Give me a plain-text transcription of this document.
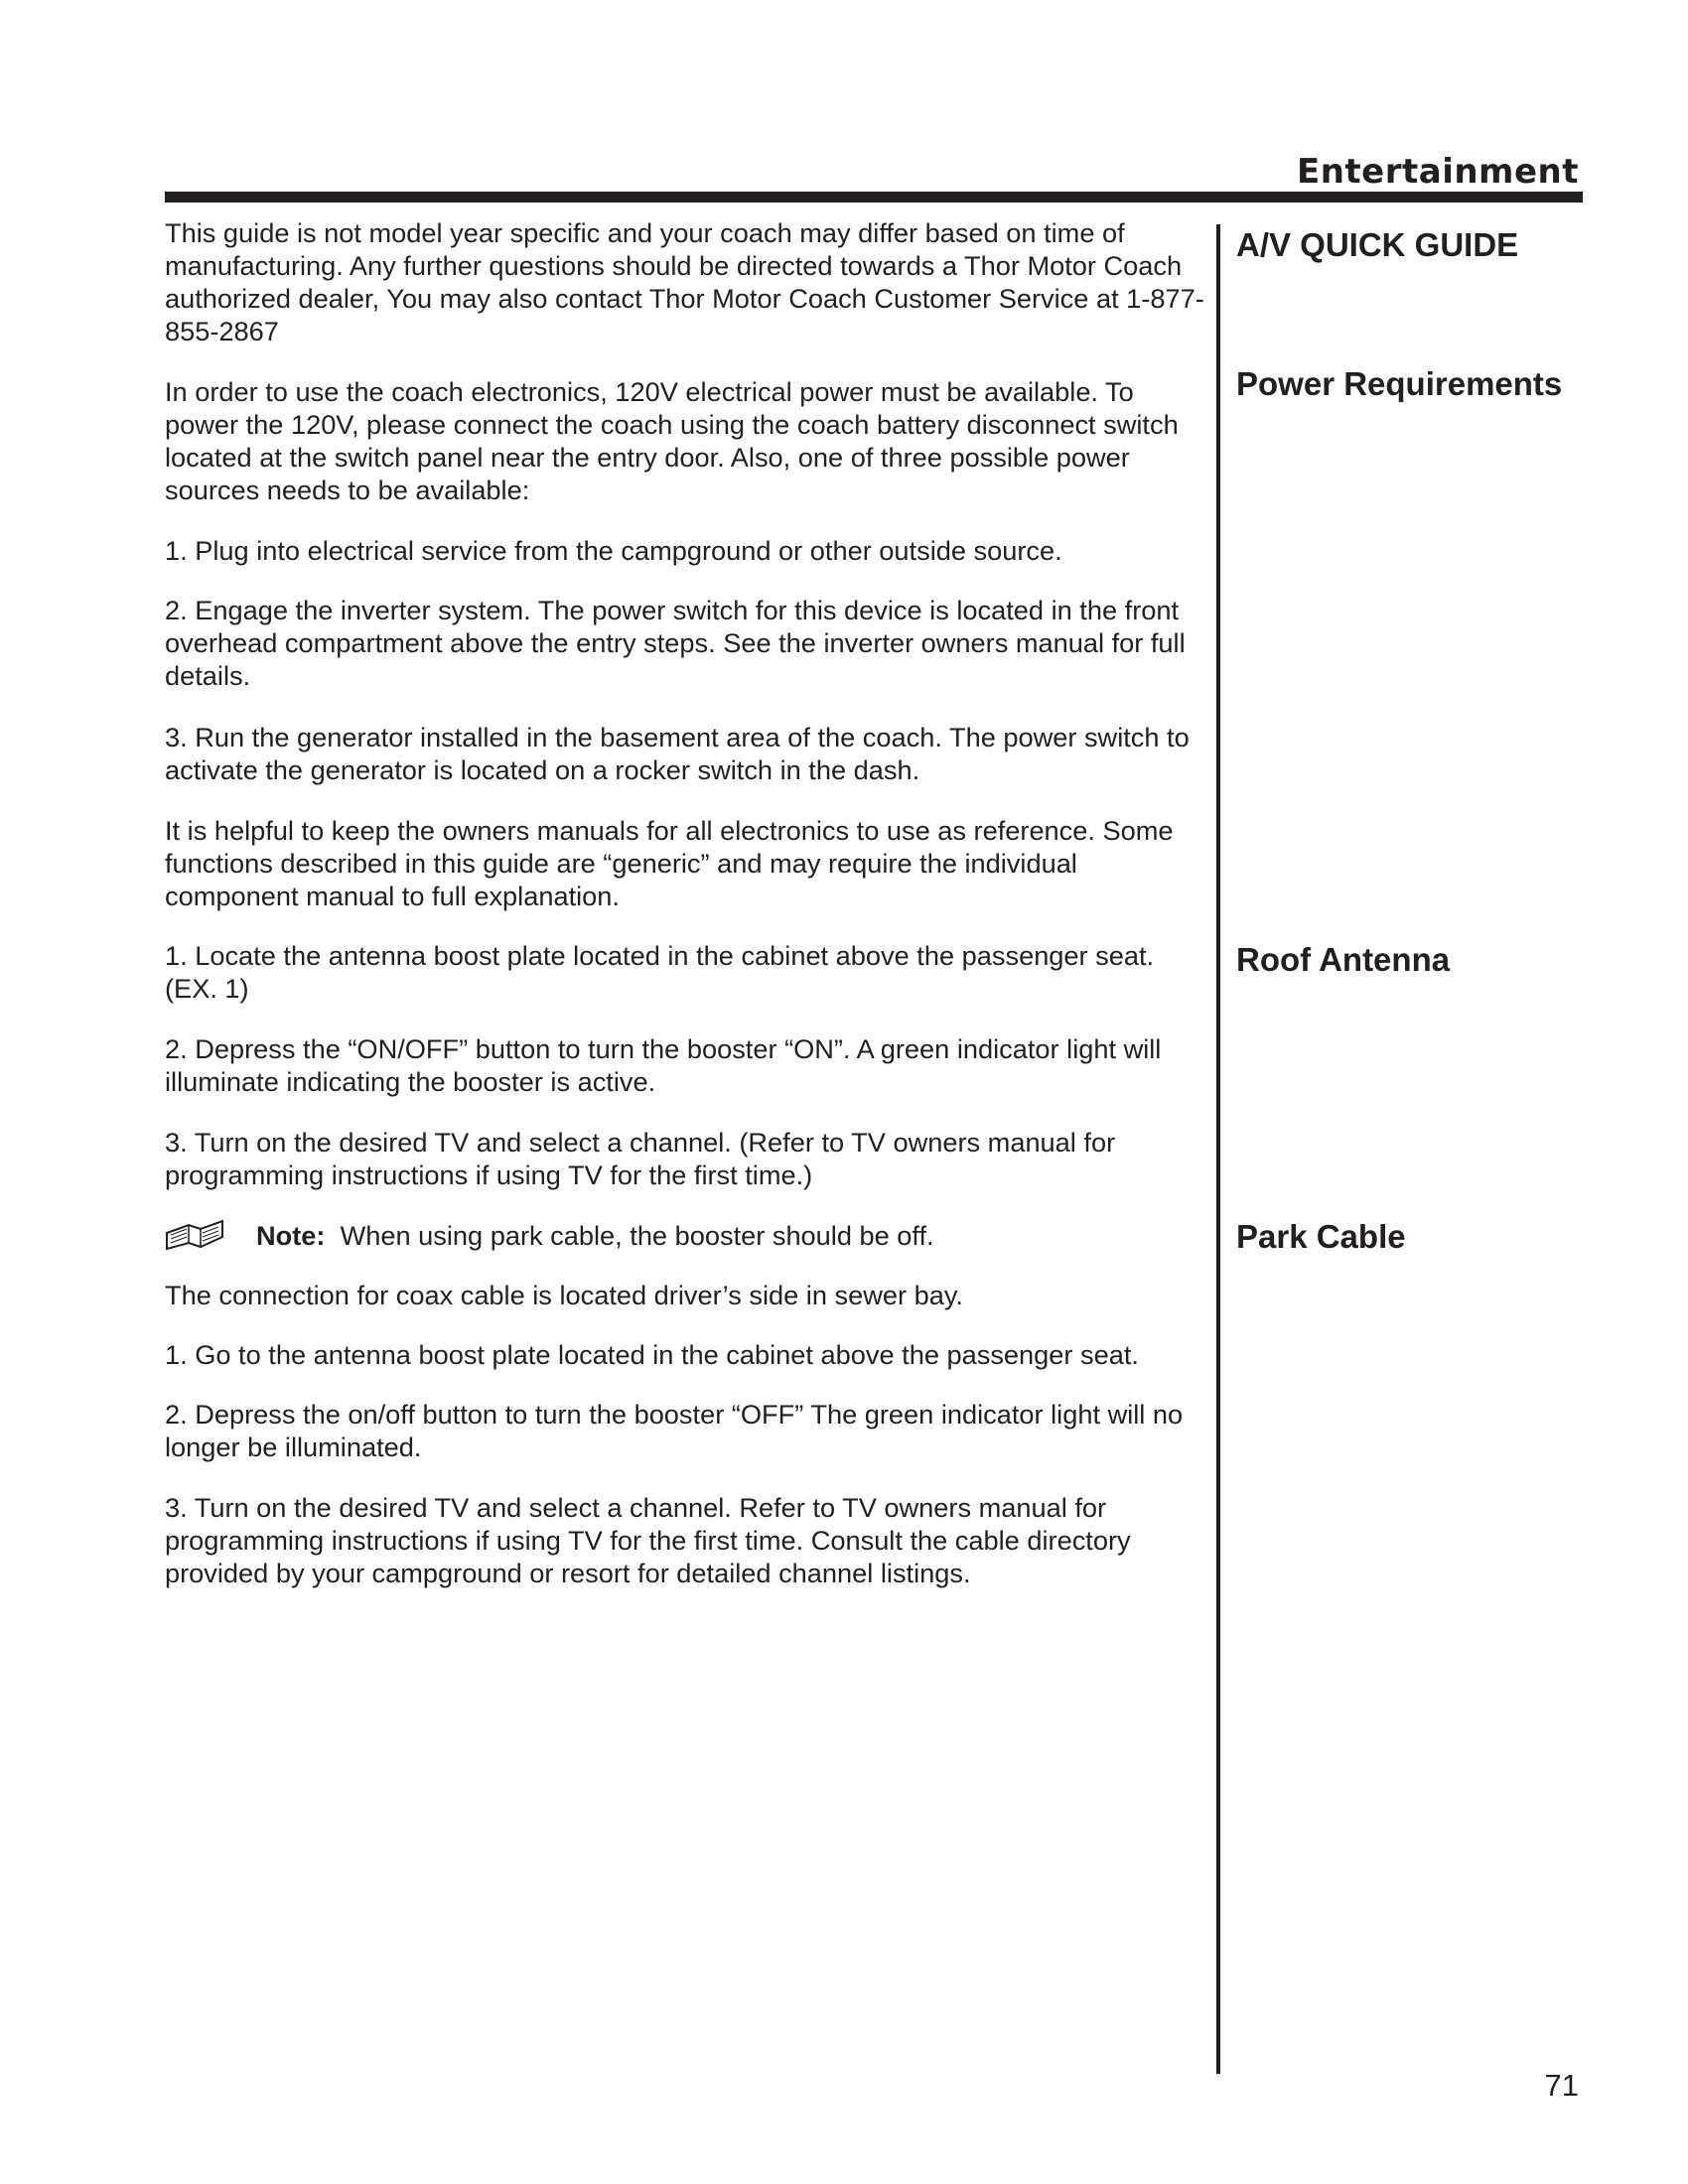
Entertainment
A/V QUICK GUIDE
Power Requirements
Roof Antenna
Park Cable

This guide is not model year specific and your coach may differ based on time of manufacturing. Any further questions should be directed towards a Thor Motor Coach authorized dealer, You may also contact Thor Motor Coach Customer Service at 1-877-855-2867

In order to use the coach electronics, 120V electrical power must be available. To power the 120V, please connect the coach using the coach battery disconnect switch located at the switch panel near the entry door. Also, one of three possible power sources needs to be available:

1. Plug into electrical service from the campground or other outside source.

2. Engage the inverter system. The power switch for this device is located in the front overhead compartment above the entry steps. See the inverter owners manual for full details.

3. Run the generator installed in the basement area of the coach. The power switch to activate the generator is located on a rocker switch in the dash.

It is helpful to keep the owners manuals for all electronics to use as reference. Some functions described in this guide are “generic” and may require the individual component manual to full explanation.

1. Locate the antenna boost plate located in the cabinet above the passenger seat. (EX. 1)

2. Depress the “ON/OFF” button to turn the booster “ON”. A green indicator light will illuminate indicating the booster is active.

3. Turn on the desired TV and select a channel. (Refer to TV owners manual for programming instructions if using TV for the first time.)

Note: When using park cable, the booster should be off.

The connection for coax cable is located driver’s side in sewer bay.

1. Go to the antenna boost plate located in the cabinet above the passenger seat.

2. Depress the on/off button to turn the booster “OFF” The green indicator light will no longer be illuminated.

3. Turn on the desired TV and select a channel. Refer to TV owners manual for programming instructions if using TV for the first time. Consult the cable directory provided by your campground or resort for detailed channel listings.

71
